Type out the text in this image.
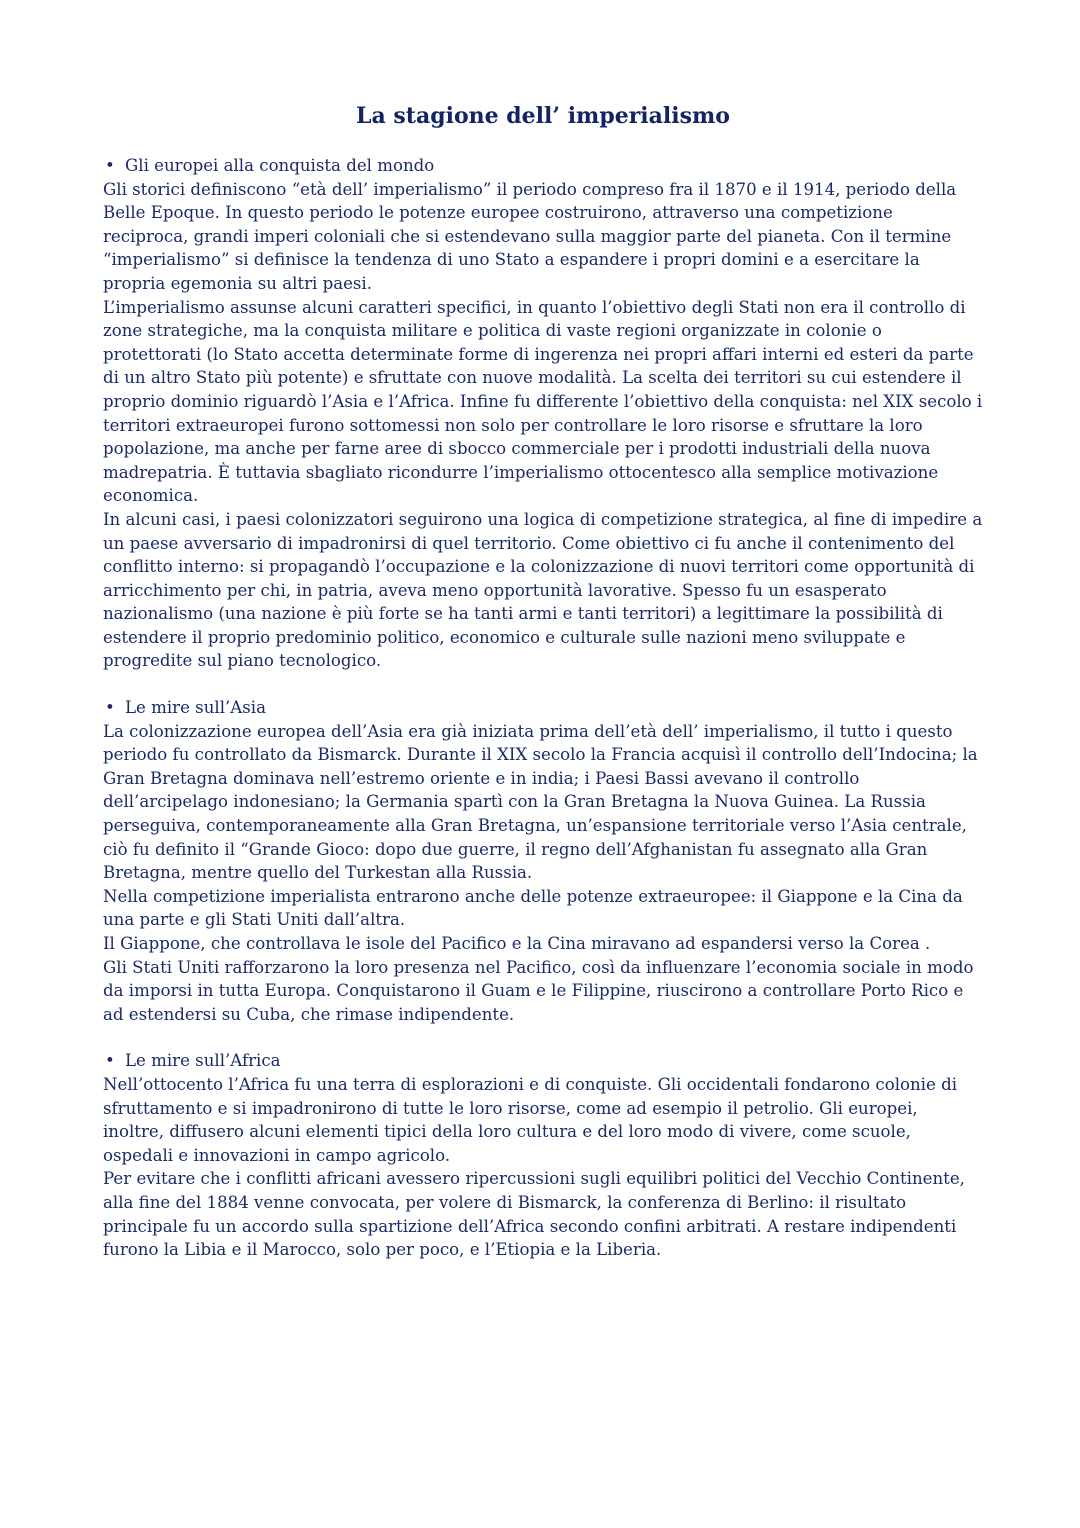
La stagione dell’ imperialismo
• Gli europei alla conquista del mondo

Gli storici definiscono “età dell’ imperialismo” il periodo compreso fra il 1870 e il 1914, periodo della Belle Epoque. In questo periodo le potenze europee costruirono, attraverso una competizione reciproca, grandi imperi coloniali che si estendevano sulla maggior parte del pianeta. Con il termine “imperialismo” si definisce la tendenza di uno Stato a espandere i propri domini e a esercitare la propria egemonia su altri paesi.

L’imperialismo assunse alcuni caratteri specifici, in quanto l’obiettivo degli Stati non era il controllo di zone strategiche, ma la conquista militare e politica di vaste regioni organizzate in colonie o protettorati (lo Stato accetta determinate forme di ingerenza nei propri affari interni ed esteri da parte di un altro Stato più potente) e sfruttate con nuove modalità. La scelta dei territori su cui estendere il proprio dominio riguardò l’Asia e l’Africa. Infine fu differente l’obiettivo della conquista: nel XIX secolo i territori extraeuropei furono sottomessi non solo per controllare le loro risorse e sfruttare la loro popolazione, ma anche per farne aree di sbocco commerciale per i prodotti industriali della nuova madrepatria. È tuttavia sbagliato ricondurre l’imperialismo ottocentesco alla semplice motivazione economica.

In alcuni casi, i paesi colonizzatori seguirono una logica di competizione strategica, al fine di impedire a un paese avversario di impadronirsi di quel territorio. Come obiettivo ci fu anche il contenimento del conflitto interno: si propagandò l’occupazione e la colonizzazione di nuovi territori come opportunità di arricchimento per chi, in patria, aveva meno opportunità lavorative. Spesso fu un esasperato nazionalismo (una nazione è più forte se ha tanti armi e tanti territori) a legittimare la possibilità di estendere il proprio predominio politico, economico e culturale sulle nazioni meno sviluppate e progredite sul piano tecnologico.

• Le mire sull’Asia

La colonizzazione europea dell’Asia era già iniziata prima dell’età dell’ imperialismo, il tutto i questo periodo fu controllato da Bismarck. Durante il XIX secolo la Francia acquisì il controllo dell’Indocina; la Gran Bretagna dominava nell’estremo oriente e in india; i Paesi Bassi avevano il controllo dell’arcipelago indonesiano; la Germania spartì con la Gran Bretagna la Nuova Guinea. La Russia perseguiva, contemporaneamente alla Gran Bretagna, un’espansione territoriale verso l’Asia centrale, ciò fu definito il “Grande Gioco: dopo due guerre, il regno dell’Afghanistan fu assegnato alla Gran Bretagna, mentre quello del Turkestan alla Russia.

Nella competizione imperialista entrarono anche delle potenze extraeuropee: il Giappone e la Cina da una parte e gli Stati Uniti dall’altra.

Il Giappone, che controllava le isole del Pacifico e la Cina miravano ad espandersi verso la Corea .

Gli Stati Uniti rafforzarono la loro presenza nel Pacifico, così da influenzare l’economia sociale in modo da imporsi in tutta Europa. Conquistarono il Guam e le Filippine, riuscirono a controllare Porto Rico e ad estendersi su Cuba, che rimase indipendente.

• Le mire sull’Africa

Nell’ottocento l’Africa fu una terra di esplorazioni e di conquiste. Gli occidentali fondarono colonie di sfruttamento e si impadronirono di tutte le loro risorse, come ad esempio il petrolio. Gli europei, inoltre, diffusero alcuni elementi tipici della loro cultura e del loro modo di vivere, come scuole, ospedali e innovazioni in campo agricolo.

Per evitare che i conflitti africani avessero ripercussioni sugli equilibri politici del Vecchio Continente, alla fine del 1884 venne convocata, per volere di Bismarck, la conferenza di Berlino: il risultato principale fu un accordo sulla spartizione dell’Africa secondo confini arbitrati. A restare indipendenti furono la Libia e il Marocco, solo per poco, e l’Etiopia e la Liberia.
